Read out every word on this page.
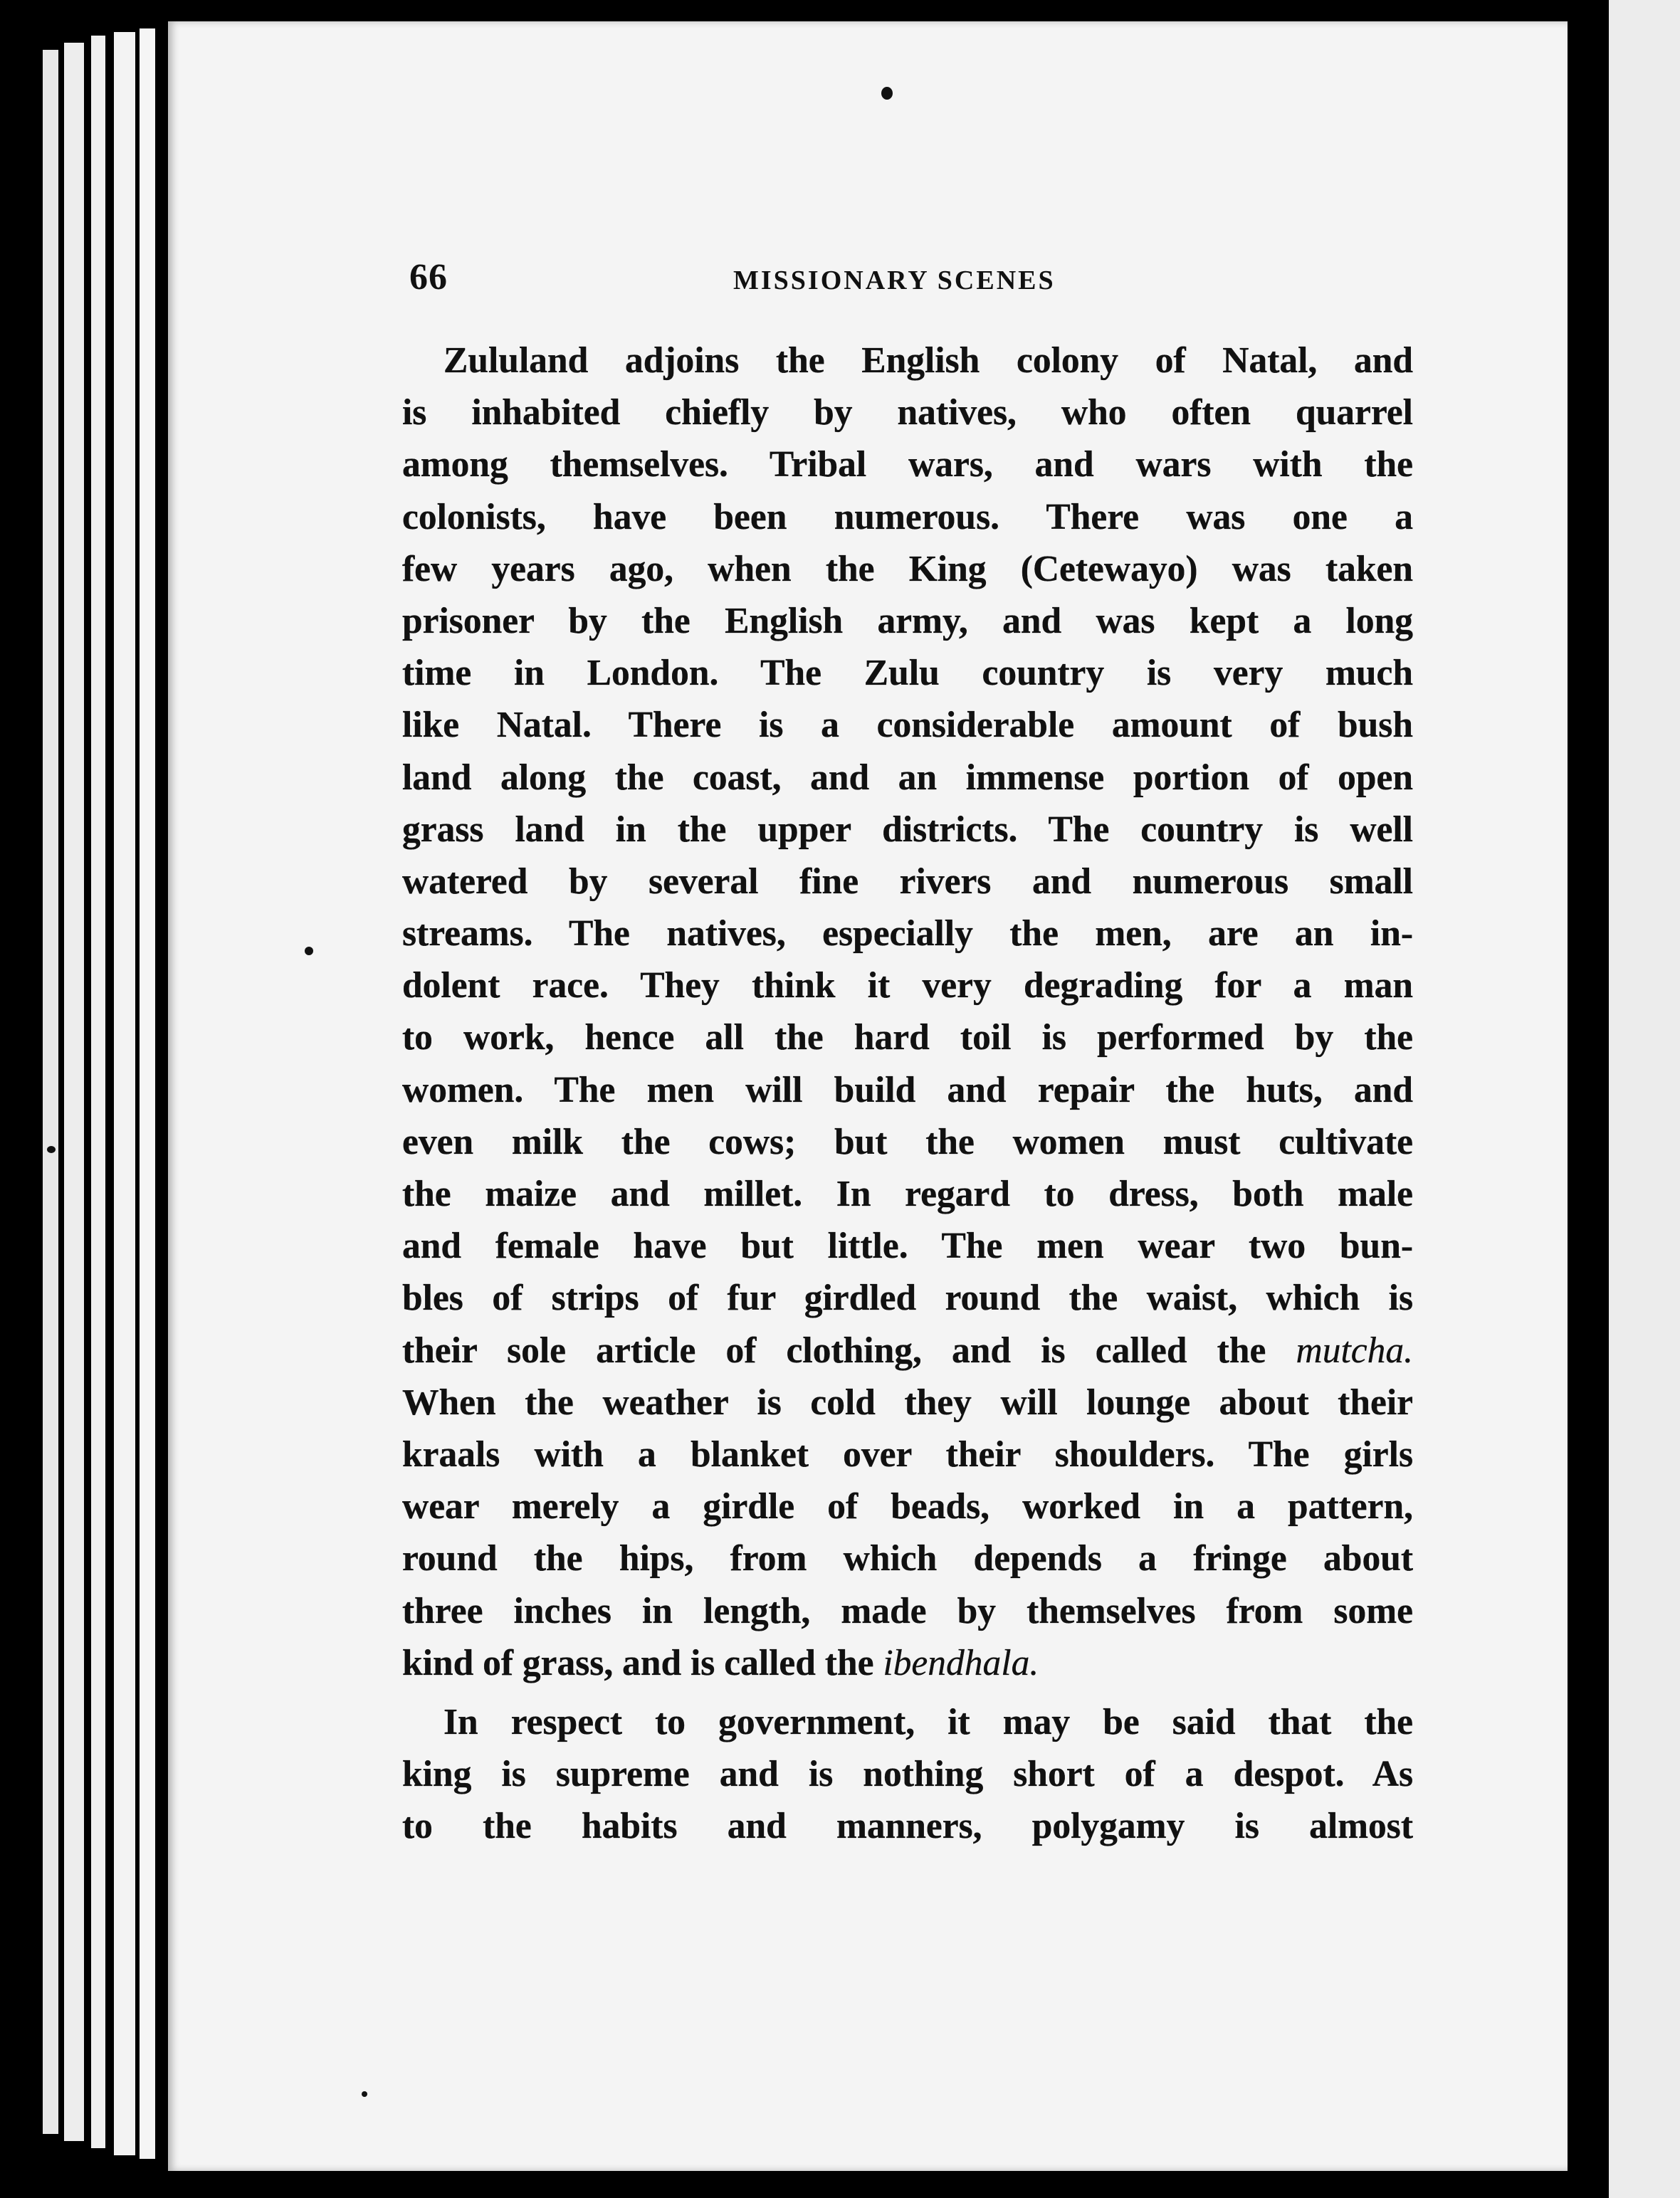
66	MISSIONARY SCENES
Zululand adjoins the English colony of Natal, and
is inhabited chiefly by natives, who often quarrel
among themselves. Tribal wars, and wars with the
colonists, have been numerous. There was one a
few years ago, when the King (Cetewayo) was taken
prisoner by the English army, and was kept a long
time in London. The Zulu country is very much
like Natal. There is a considerable amount of bush
land along the coast, and an immense portion of open
grass land in the upper districts. The country is well
watered by several fine rivers and numerous small
streams. The natives, especially the men, are an in-
dolent race. They think it very degrading for a man
to work, hence all the hard toil is performed by the
women. The men will build and repair the huts, and
even milk the cows; but the women must cultivate
the maize and millet. In regard to dress, both male
and female have but little. The men wear two bun-
bles of strips of fur girdled round the waist, which is
their sole article of clothing, and is called the mutcha.
When the weather is cold they will lounge about their
kraals with a blanket over their shoulders. The girls
wear merely a girdle of beads, worked in a pattern,
round the hips, from which depends a fringe about
three inches in length, made by themselves from some
kind of grass, and is called the ibendhala.
In respect to government, it may be said that the
king is supreme and is nothing short of a despot. As
to the habits and manners, polygamy is almost
